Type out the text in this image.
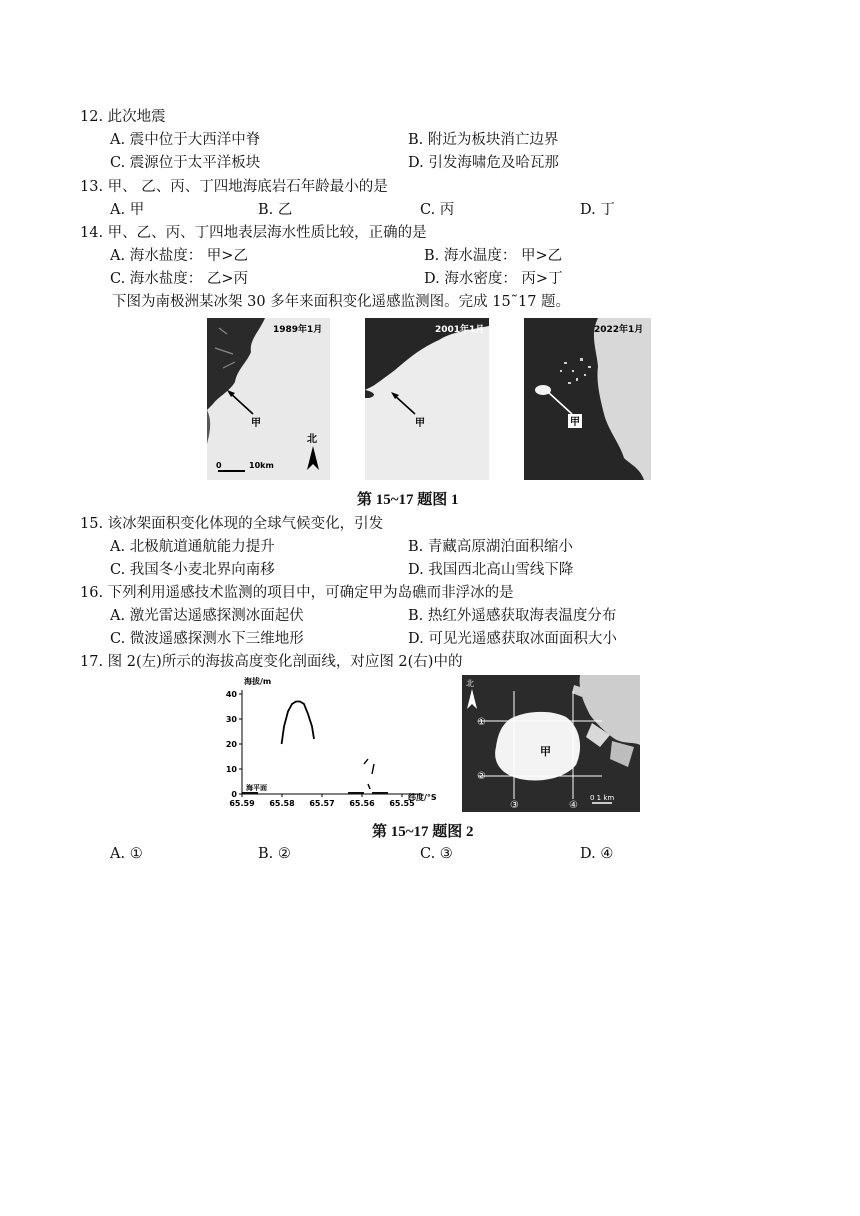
12. 此次地震
A. 震中位于大西洋中脊	B. 附近为板块消亡边界
C. 震源位于太平洋板块	D. 引发海啸危及哈瓦那
13. 甲、 乙、丙、丁四地海底岩石年龄最小的是
A. 甲	B. 乙	C. 丙	D. 丁
14. 甲、乙、丙、丁四地表层海水性质比较，正确的是
A. 海水盐度： 甲>乙	B. 海水温度： 甲>乙
C. 海水盐度： 乙>丙	D. 海水密度： 丙>丁
下图为南极洲某冰架 30 多年来面积变化遥感监测图。完成 15˜17 题。
1989年1月
甲
北
0	10km
2001年1月
甲
2022年1月
甲
第 15~17 题图 1
15. 该冰架面积变化体现的全球气候变化，引发
A. 北极航道通航能力提升	B. 青藏高原湖泊面积缩小
C. 我国冬小麦北界向南移	D. 我国西北高山雪线下降
16. 下列利用遥感技术监测的项目中，可确定甲为岛礁而非浮冰的是
A. 激光雷达遥感探测冰面起伏	B. 热红外遥感获取海表温度分布
C. 微波遥感探测水下三维地形	D. 可见光遥感获取冰面面积大小
17. 图 2(左)所示的海拔高度变化剖面线，对应图 2(右)中的
海拔/m
纬度/°S
海平面
0
10
20
30
40
65.59 65.58 65.57 65.56 65.55
①
②
③	④
甲
北
0 1 km
第 15~17 题图 2
A. ①	B. ②	C. ③	D. ④
